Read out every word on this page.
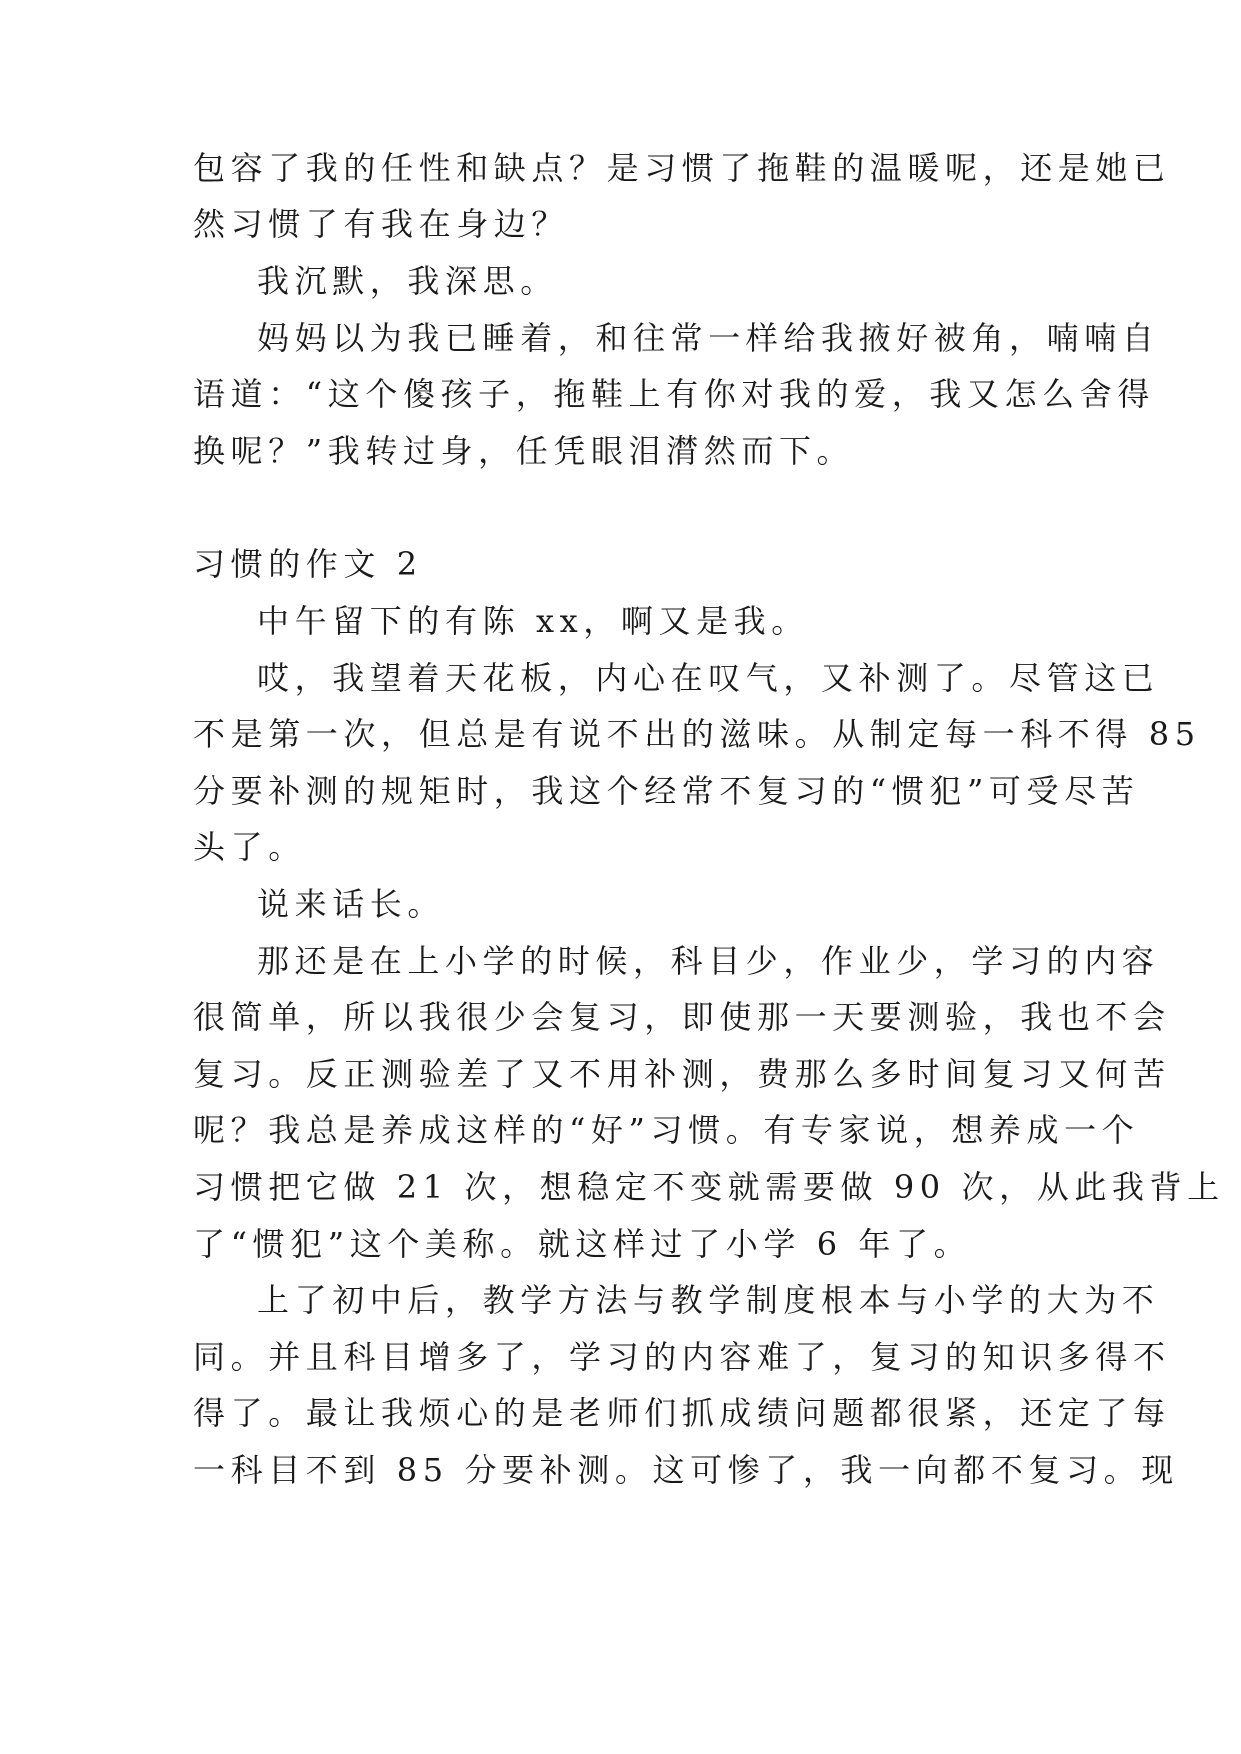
包容了我的任性和缺点？是习惯了拖鞋的温暖呢，还是她已
然习惯了有我在身边？
我沉默，我深思。
妈妈以为我已睡着，和往常一样给我掖好被角，喃喃自
语道：“这个傻孩子，拖鞋上有你对我的爱，我又怎么舍得
换呢？”我转过身，任凭眼泪潸然而下。
习惯的作文 2
中午留下的有陈 xx，啊又是我。
哎，我望着天花板，内心在叹气，又补测了。尽管这已
不是第一次，但总是有说不出的滋味。从制定每一科不得 85
分要补测的规矩时，我这个经常不复习的“惯犯”可受尽苦
头了。
说来话长。
那还是在上小学的时候，科目少，作业少，学习的内容
很简单，所以我很少会复习，即使那一天要测验，我也不会
复习。反正测验差了又不用补测，费那么多时间复习又何苦
呢？我总是养成这样的“好”习惯。有专家说，想养成一个
习惯把它做 21 次，想稳定不变就需要做 90 次，从此我背上
了“惯犯”这个美称。就这样过了小学 6 年了。
上了初中后，教学方法与教学制度根本与小学的大为不
同。并且科目增多了，学习的内容难了，复习的知识多得不
得了。最让我烦心的是老师们抓成绩问题都很紧，还定了每
一科目不到 85 分要补测。这可惨了，我一向都不复习。现
